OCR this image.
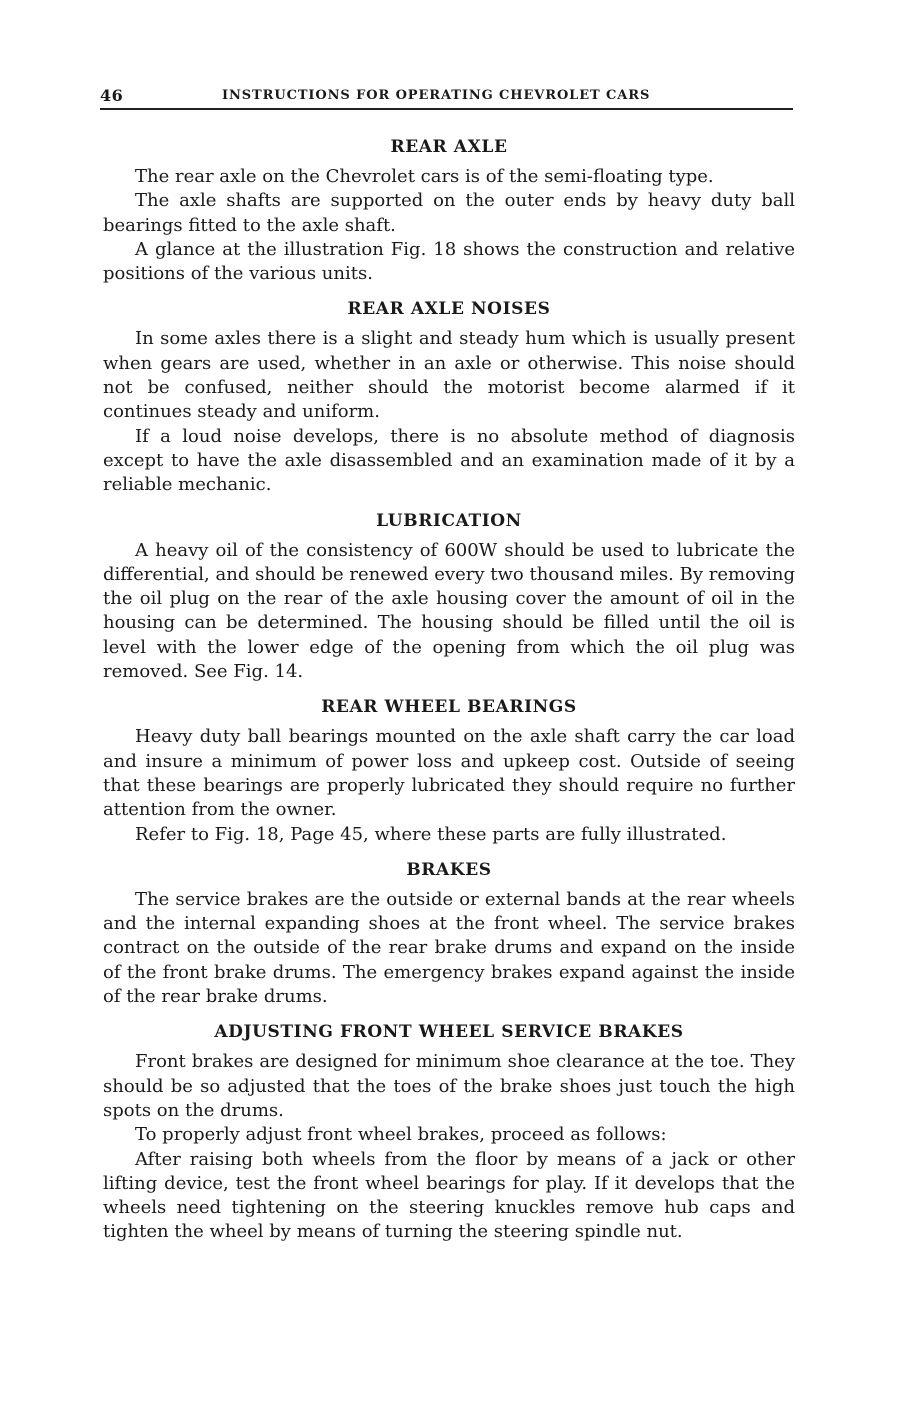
46	INSTRUCTIONS FOR OPERATING CHEVROLET CARS
REAR AXLE

The rear axle on the Chevrolet cars is of the semi-floating type.

The axle shafts are supported on the outer ends by heavy duty ball bearings fitted to the axle shaft.

A glance at the illustration Fig. 18 shows the construction and relative positions of the various units.

REAR AXLE NOISES

In some axles there is a slight and steady hum which is usually present when gears are used, whether in an axle or otherwise. This noise should not be confused, neither should the motorist become alarmed if it continues steady and uniform.

If a loud noise develops, there is no absolute method of diagnosis except to have the axle disassembled and an examination made of it by a reliable mechanic.

LUBRICATION

A heavy oil of the consistency of 600W should be used to lubricate the differential, and should be renewed every two thousand miles. By removing the oil plug on the rear of the axle housing cover the amount of oil in the housing can be determined. The housing should be filled until the oil is level with the lower edge of the opening from which the oil plug was removed. See Fig. 14.

REAR WHEEL BEARINGS

Heavy duty ball bearings mounted on the axle shaft carry the car load and insure a minimum of power loss and upkeep cost. Outside of seeing that these bearings are properly lubricated they should require no further attention from the owner.

Refer to Fig. 18, Page 45, where these parts are fully illustrated.

BRAKES

The service brakes are the outside or external bands at the rear wheels and the internal expanding shoes at the front wheel. The service brakes contract on the outside of the rear brake drums and expand on the inside of the front brake drums. The emergency brakes expand against the inside of the rear brake drums.

ADJUSTING FRONT WHEEL SERVICE BRAKES

Front brakes are designed for minimum shoe clearance at the toe. They should be so adjusted that the toes of the brake shoes just touch the high spots on the drums.

To properly adjust front wheel brakes, proceed as follows:

After raising both wheels from the floor by means of a jack or other lifting device, test the front wheel bearings for play. If it develops that the wheels need tightening on the steering knuckles remove hub caps and tighten the wheel by means of turning the steering spindle nut.
